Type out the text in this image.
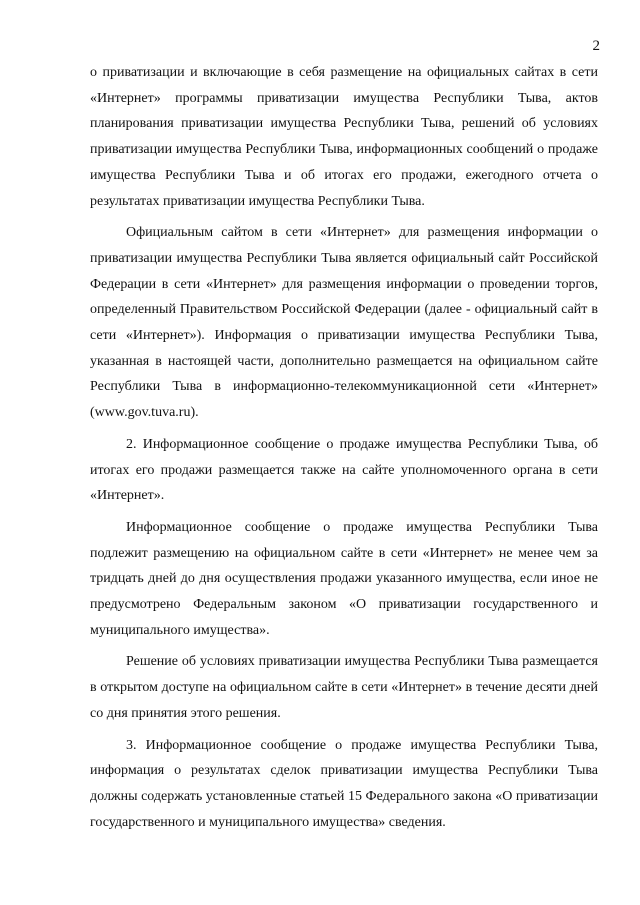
2

о приватизации и включающие в себя размещение на официальных сайтах в сети «Интернет» программы приватизации имущества Республики Тыва, актов планирования приватизации имущества Республики Тыва, решений об условиях приватизации имущества Республики Тыва, информационных сообщений о продаже имущества Республики Тыва и об итогах его продажи, ежегодного отчета о результатах приватизации имущества Республики Тыва.

Официальным сайтом в сети «Интернет» для размещения информации о приватизации имущества Республики Тыва является официальный сайт Российской Федерации в сети «Интернет» для размещения информации о проведении торгов, определенный Правительством Российской Федерации (далее - официальный сайт в сети «Интернет»). Информация о приватизации имущества Республики Тыва, указанная в настоящей части, дополнительно размещается на официальном сайте Республики Тыва в информационно-телекоммуникационной сети «Интернет» (www.gov.tuva.ru).

2. Информационное сообщение о продаже имущества Республики Тыва, об итогах его продажи размещается также на сайте уполномоченного органа в сети «Интернет».

Информационное сообщение о продаже имущества Республики Тыва подлежит размещению на официальном сайте в сети «Интернет» не менее чем за тридцать дней до дня осуществления продажи указанного имущества, если иное не предусмотрено Федеральным законом «О приватизации государственного и муниципального имущества».

Решение об условиях приватизации имущества Республики Тыва размещается в открытом доступе на официальном сайте в сети «Интернет» в течение десяти дней со дня принятия этого решения.

3. Информационное сообщение о продаже имущества Республики Тыва, информация о результатах сделок приватизации имущества Республики Тыва должны содержать установленные статьей 15 Федерального закона «О приватизации государственного и муниципального имущества» сведения.
